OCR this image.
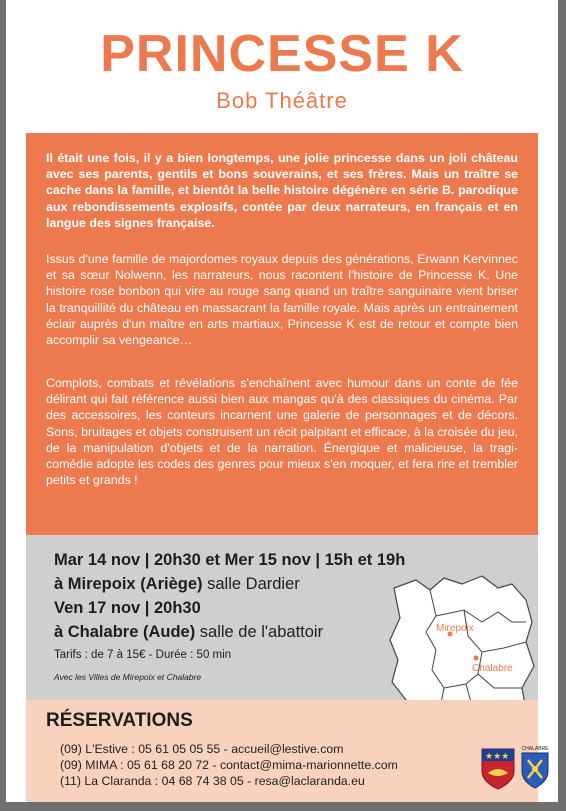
PRINCESSE K
Bob Théâtre

Il était une fois, il y a bien longtemps, une jolie princesse dans un joli château avec ses parents, gentils et bons souverains, et ses frères. Mais un traître se cache dans la famille, et bientôt la belle histoire dégénère en série B. parodique aux rebondissements explosifs, contée par deux narrateurs, en français et en langue des signes française.

Issus d'une famille de majordomes royaux depuis des générations, Erwann Kervinnec et sa sœur Nolwenn, les narrateurs, nous racontent l'histoire de Princesse K. Une histoire rose bonbon qui vire au rouge sang quand un traître sanguinaire vient briser la tranquillité du château en massacrant la famille royale. Mais après un entrainement éclair auprès d'un maître en arts martiaux, Princesse K est de retour et compte bien accomplir sa vengeance…

Complots, combats et révélations s'enchaînent avec humour dans un conte de fée délirant qui fait référence aussi bien aux mangas qu'à des classiques du cinéma. Par des accessoires, les conteurs incarnent une galerie de personnages et de décors. Sons, bruitages et objets construisent un récit palpitant et efficace, à la croisée du jeu, de la manipulation d'objets et de la narration. Énergique et malicieuse, la tragi-comédie adopte les codes des genres pour mieux s'en moquer, et fera rire et trembler petits et grands !

Mar 14 nov | 20h30 et Mer 15 nov | 15h et 19h
à Mirepoix (Ariège) salle Dardier
Ven 17 nov | 20h30
à Chalabre (Aude) salle de l'abattoir
Tarifs : de 7 à 15€ - Durée : 50 min
Avec les Villes de Mirepoix et Chalabre
Mirepoix
Chalabre
RÉSERVATIONS
(09) L'Estive : 05 61 05 05 55 - accueil@lestive.com
(09) MIMA : 05 61 68 20 72 - contact@mima-marionnette.com
(11) La Claranda : 04 68 74 38 05 - resa@laclaranda.eu
★★★
CHALABRE
